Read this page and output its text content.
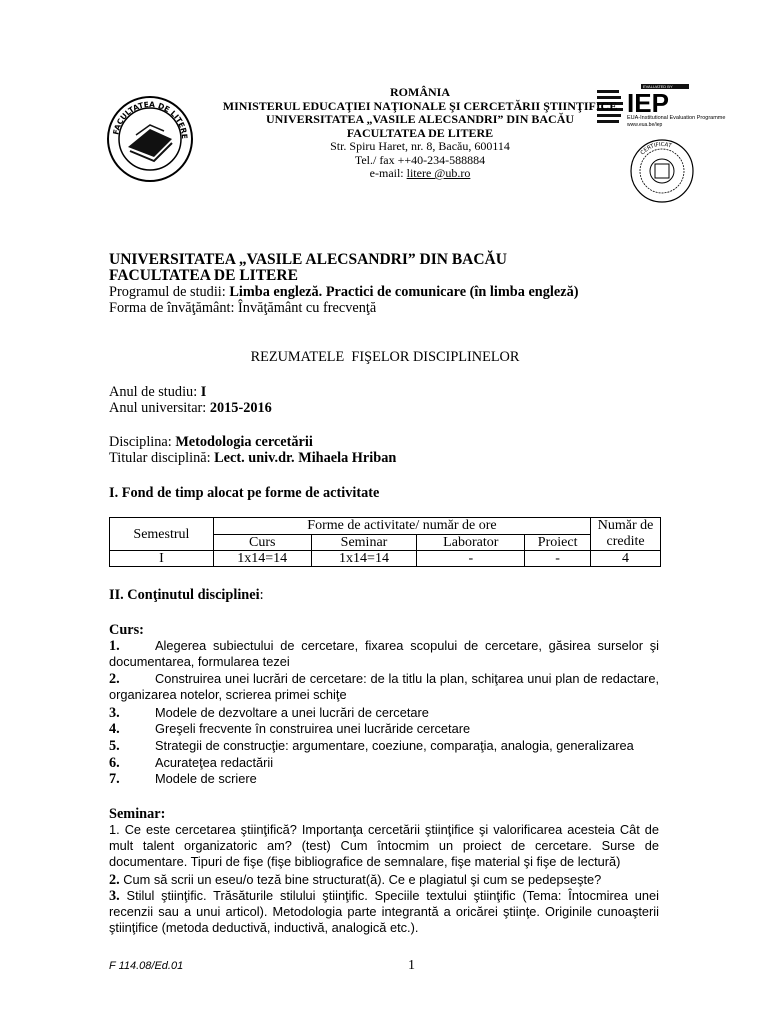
FACULTATEA DE LITERE
EVALUATED BY
IEP
EUA-Institutional Evaluation Programme
www.eua.be/iep
CERTIFICAT
ROMÂNIA
MINISTERUL EDUCAŢIEI NAŢIONALE ŞI CERCETĂRII ŞTIINŢIFICE
UNIVERSITATEA „VASILE ALECSANDRI” DIN BACĂU
FACULTATEA DE LITERE
Str. Spiru Haret, nr. 8, Bacău, 600114
Tel./ fax ++40-234-588884
e-mail: litere @ub.ro
UNIVERSITATEA „VASILE ALECSANDRI” DIN BACĂU
FACULTATEA DE LITERE
Programul de studii: Limba engleză. Practici de comunicare (în limba engleză)
Forma de învăţământ: Învăţământ cu frecvenţă
REZUMATELE  FIŞELOR DISCIPLINELOR
Anul de studiu: I
Anul universitar: 2015-2016
Disciplina: Metodologia cercetării
Titular disciplină: Lect. univ.dr. Mihaela Hriban
I. Fond de timp alocat pe forme de activitate
Semestrul	Forme de activitate/ număr de ore				Număr de credite
	Curs	Seminar	Laborator	Proiect	
I	1x14=14	1x14=14	-	-	4
II. Conţinutul disciplinei:
Curs:
1.	Alegerea subiectului de cercetare, fixarea scopului de cercetare, găsirea surselor şi documentarea, formularea tezei
2.	Construirea unei lucrări de cercetare: de la titlu la plan, schiţarea unui plan de redactare, organizarea notelor, scrierea primei schiţe
3.	Modele de dezvoltare a unei lucrări de cercetare
4.	Greşeli frecvente în construirea unei lucrăride cercetare
5.	Strategii de construcţie: argumentare, coeziune, comparaţia, analogia, generalizarea
6.	Acurateţea redactării
7.	Modele de scriere
Seminar:
1. Ce este cercetarea ştiinţifică? Importanţa cercetării ştiinţifice şi valorificarea acesteia Cât de mult talent organizatoric am? (test) Cum întocmim un proiect de cercetare. Surse de documentare. Tipuri de fişe (fişe bibliografice de semnalare, fişe material şi fişe de lectură)
2. Cum să scrii un eseu/o teză bine structurat(ă). Ce e plagiatul şi cum se pedepseşte?
3. Stilul ştiinţific. Trăsăturile stilului ştiinţific. Speciile textului ştiinţific (Tema: Întocmirea unei recenzii sau a unui articol). Metodologia parte integrantă a oricărei ştiinţe. Originile cunoaşterii ştiinţifice (metoda deductivă, inductivă, analogică etc.).
F 114.08/Ed.01	1
